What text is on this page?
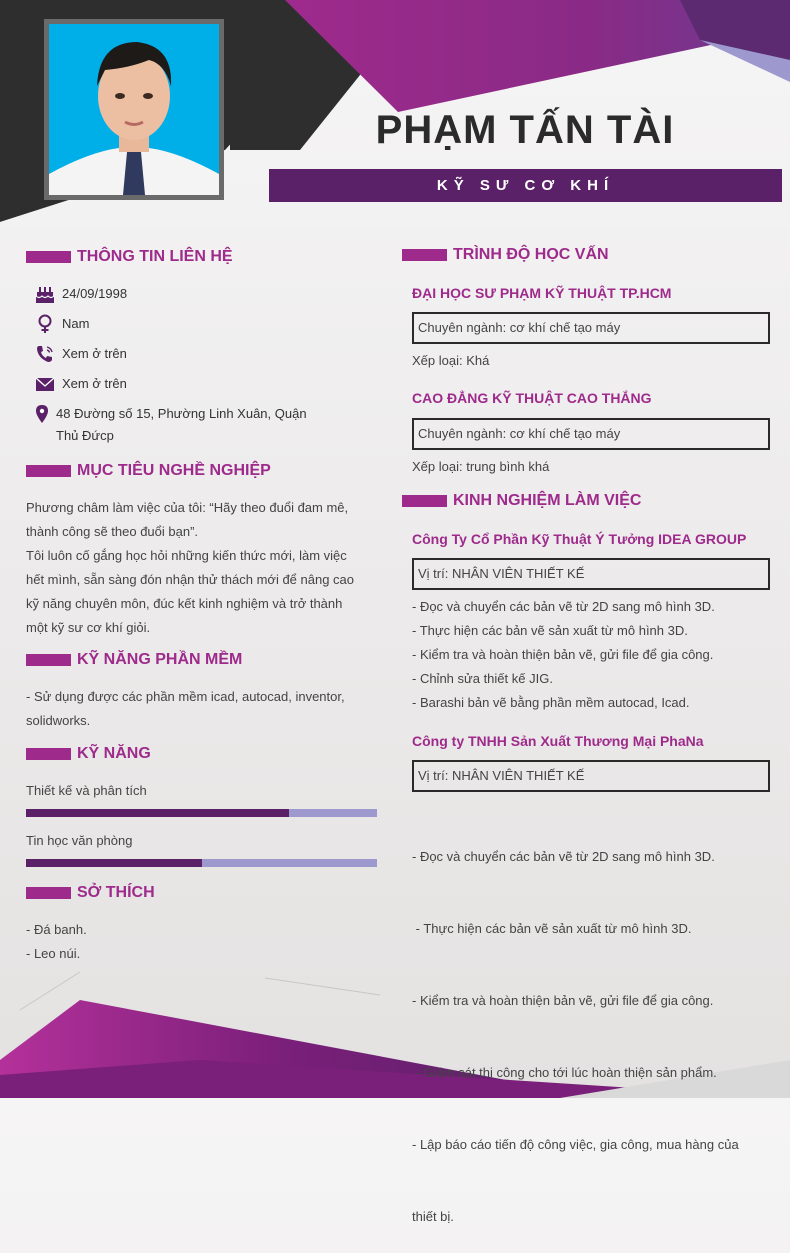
PHẠM TẤN TÀI
KỸ SƯ CƠ KHÍ
THÔNG TIN LIÊN HỆ
24/09/1998
Nam
Xem ở trên
Xem ở trên
48 Đường số 15, Phường Linh Xuân, Quận
Thủ Đứcp
MỤC TIÊU NGHỀ NGHIỆP

Phương châm làm việc của tôi: “Hãy theo đuổi đam mê,

thành công sẽ theo đuổi bạn”.

Tôi luôn cố gắng học hỏi những kiến thức mới, làm việc

hết mình, sẵn sàng đón nhận thử thách mới để nâng cao

kỹ năng chuyên môn, đúc kết kinh nghiệm và trở thành

một kỹ sư cơ khí giỏi.

KỸ NĂNG PHẦN MỀM

- Sử dụng được các phần mềm icad, autocad, inventor,

solidworks.

KỸ NĂNG
Thiết kế và phân tích
Tin học văn phòng
SỞ THÍCH

- Đá banh.

- Leo núi.

TRÌNH ĐỘ HỌC VẤN
ĐẠI HỌC SƯ PHẠM KỸ THUẬT TP.HCM
Chuyên ngành: cơ khí chế tạo máy
Xếp loại: Khá
CAO ĐẲNG KỸ THUẬT CAO THẮNG
Chuyên ngành: cơ khí chế tạo máy
Xếp loại: trung bình khá
KINH NGHIỆM LÀM VIỆC
Công Ty Cổ Phần Kỹ Thuật Ý Tưởng IDEA GROUP
Vị trí: NHÂN VIÊN THIẾT KẾ
- Đọc và chuyển các bản vẽ từ 2D sang mô hình 3D.
- Thực hiện các bản vẽ sản xuất từ mô hình 3D.
- Kiểm tra và hoàn thiện bản vẽ, gửi file để gia công.
- Chỉnh sửa thiết kế JIG.
- Barashi bản vẽ bằng phần mềm autocad, Icad.
Công ty TNHH Sản Xuất Thương Mại PhaNa
Vị trí: NHÂN VIÊN THIẾT KẾ

- Đọc và chuyển các bản vẽ từ 2D sang mô hình 3D.

- Thực hiện các bản vẽ sản xuất từ mô hình 3D.

- Kiểm tra và hoàn thiện bản vẽ, gửi file để gia công.

- Giám sát thi công cho tới lúc hoàn thiện sản phẩm.

- Lập báo cáo tiến độ công việc, gia công, mua hàng của

thiết bị.
